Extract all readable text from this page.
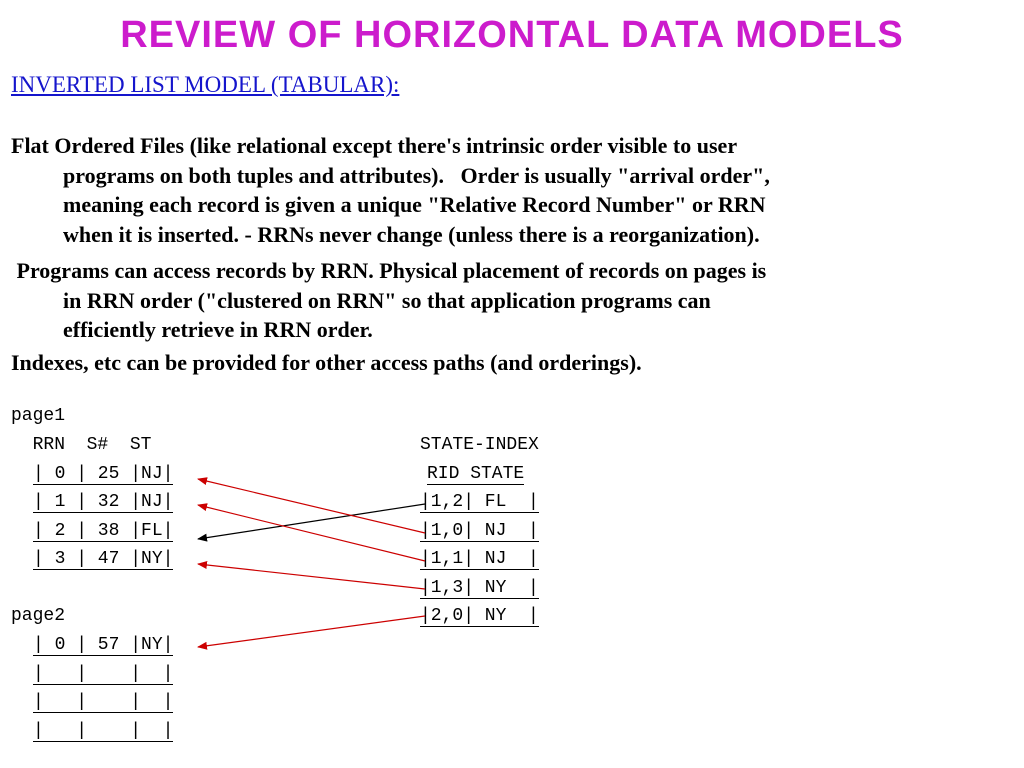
REVIEW OF HORIZONTAL DATA MODELS
INVERTED LIST MODEL (TABULAR):
Flat Ordered Files (like relational except there's intrinsic order visible to user
programs on both tuples and attributes).   Order is usually "arrival order",
meaning each record is given a unique "Relative Record Number" or RRN
when it is inserted. - RRNs never change (unless there is a reorganization).
Programs can access records by RRN. Physical placement of records on pages is
in RRN order ("clustered on RRN" so that application programs can
efficiently retrieve in RRN order.
Indexes, etc can be provided for other access paths (and orderings).
page1
RRN  S#  ST
| 0 | 25 |NJ|
| 1 | 32 |NJ|
| 2 | 38 |FL|
| 3 | 47 |NY|
page2
| 0 | 57 |NY|
|   |    |  |
|   |    |  |
|   |    |  |
STATE-INDEX
RID STATE
|1,2| FL  |
|1,0| NJ  |
|1,1| NJ  |
|1,3| NY  |
|2,0| NY  |
